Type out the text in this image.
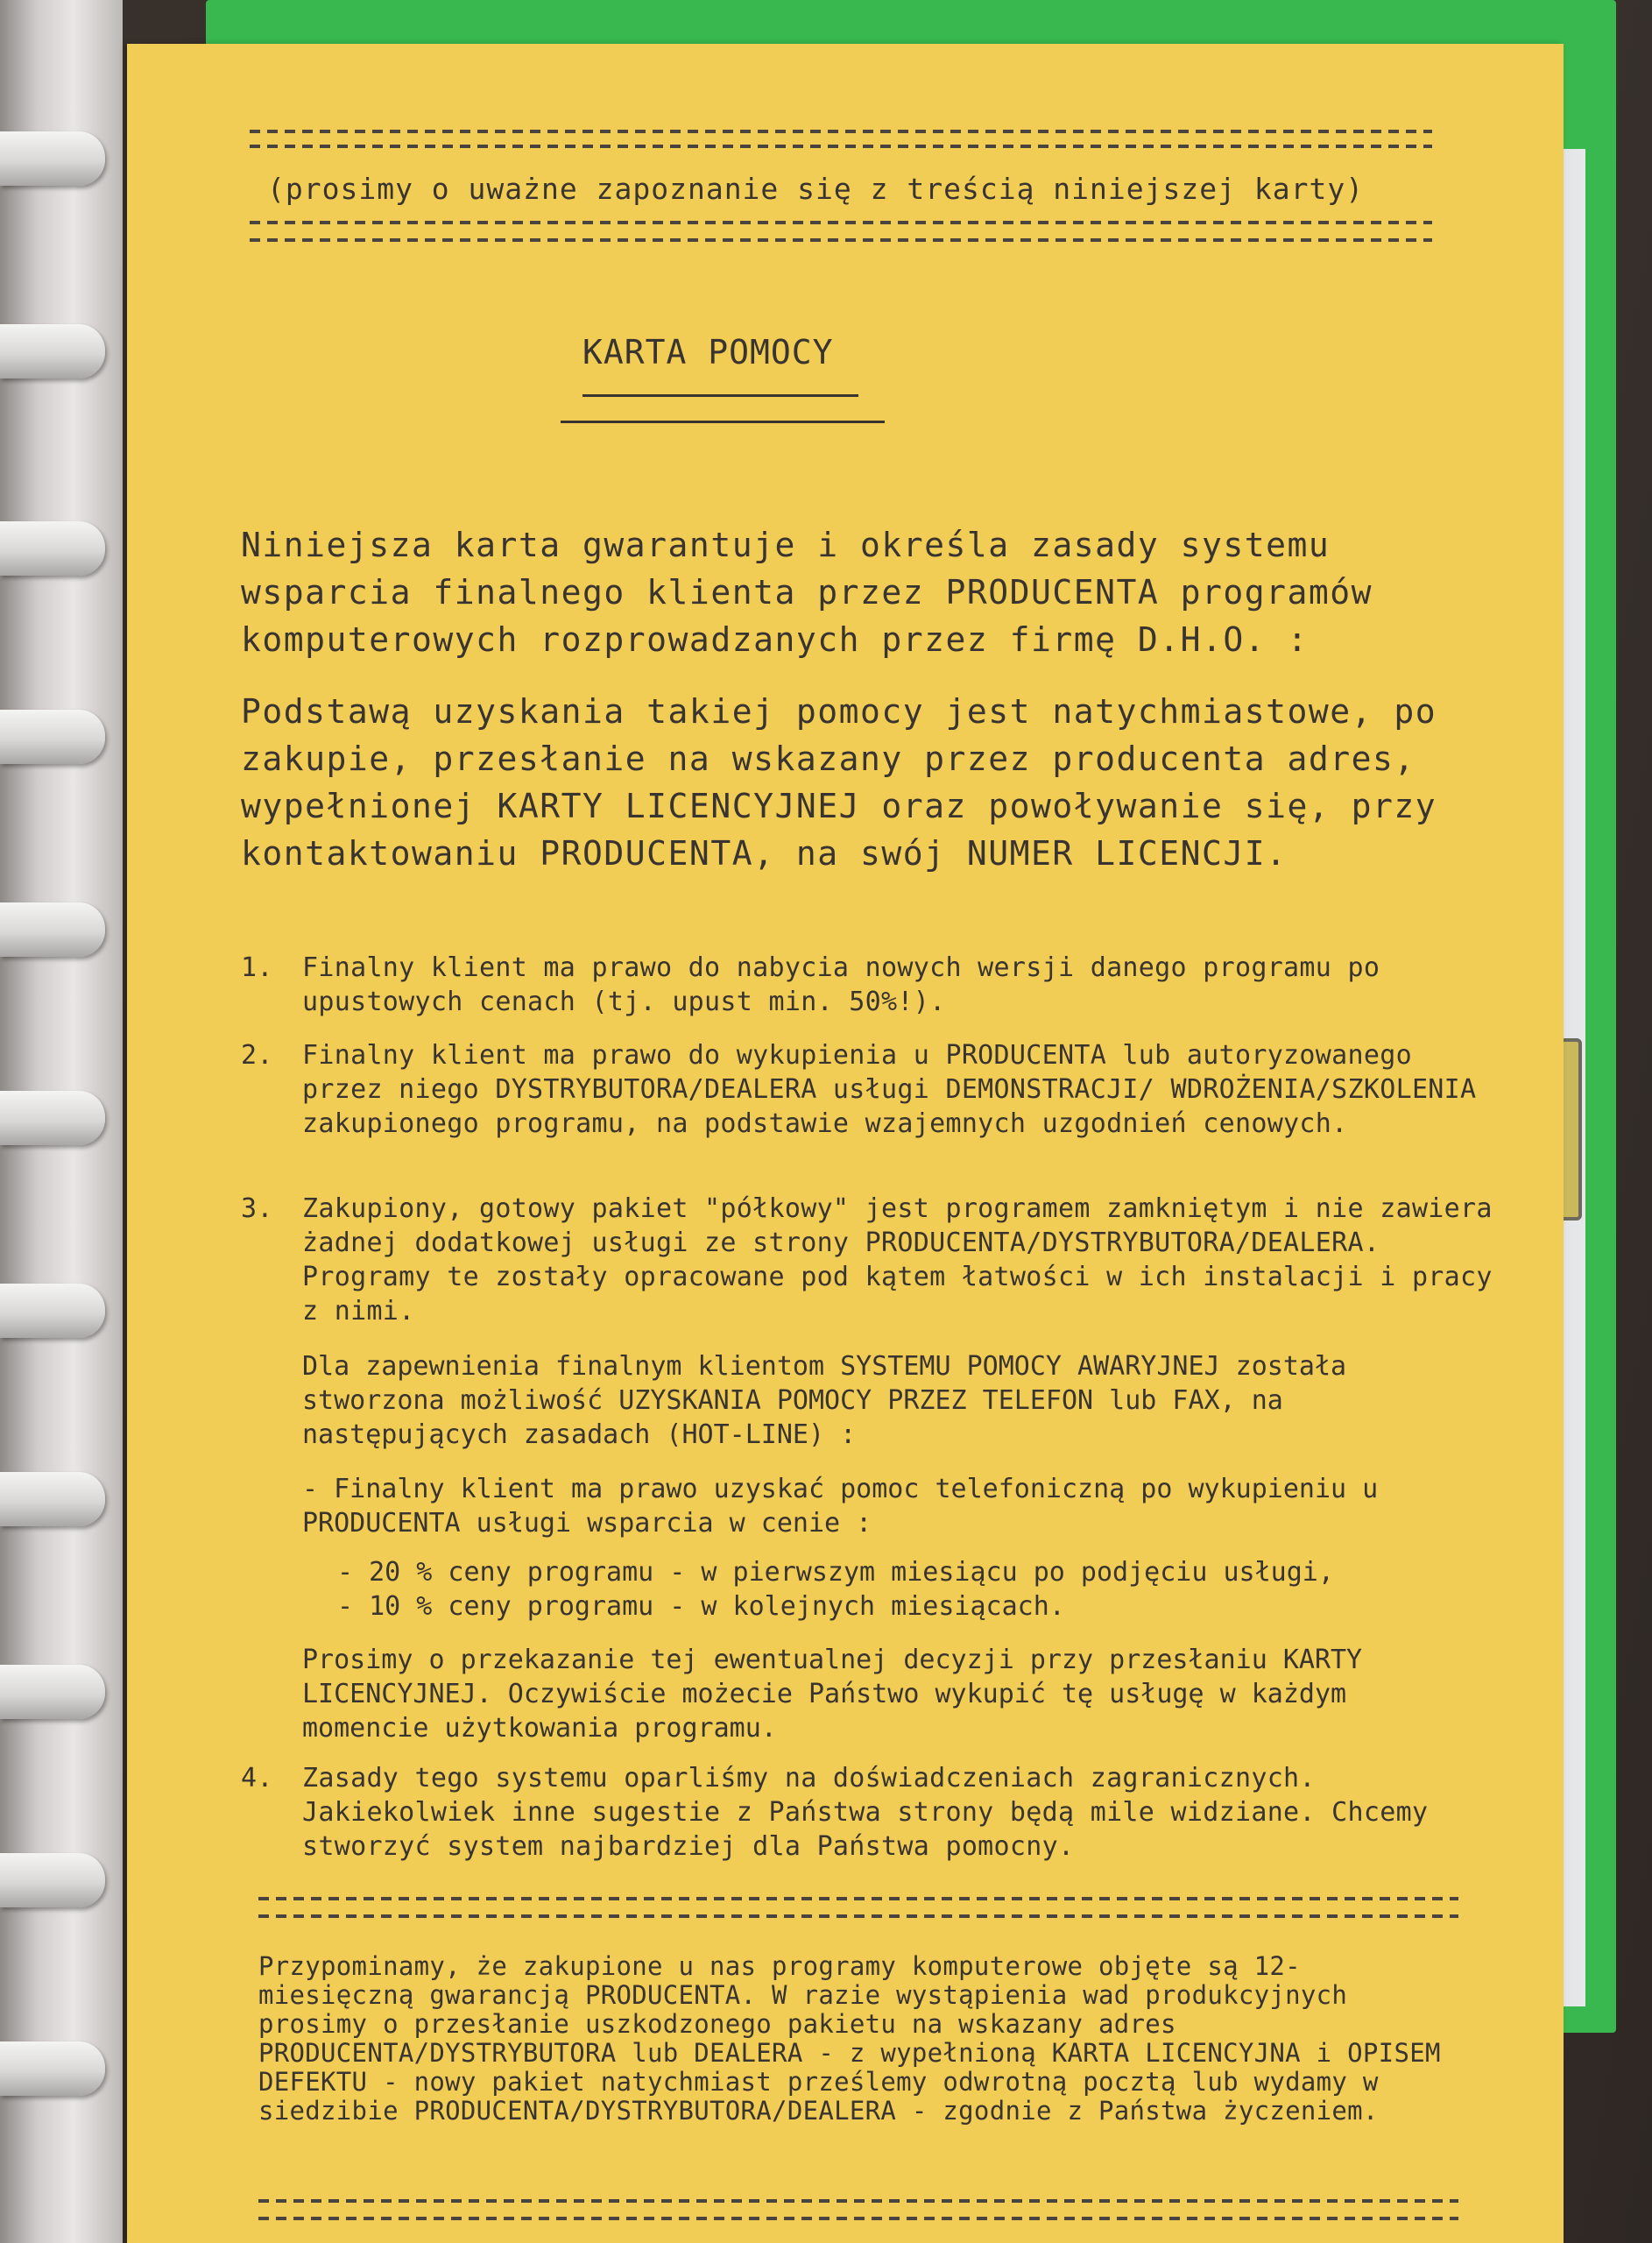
(prosimy o uważne zapoznanie się z treścią niniejszej karty)
KARTA POMOCY

Niniejsza karta gwarantuje i określa zasady systemu wsparcia finalnego klienta przez PRODUCENTA programów komputerowych rozprowadzanych przez firmę D.H.O. :

Podstawą uzyskania takiej pomocy jest natychmiastowe, po zakupie, przesłanie na wskazany przez producenta adres, wypełnionej KARTY LICENCYJNEJ oraz powoływanie się, przy kontaktowaniu PRODUCENTA, na swój NUMER LICENCJI.

1. Finalny klient ma prawo do nabycia nowych wersji danego programu po upustowych cenach (tj. upust min. 50%!).
2. Finalny klient ma prawo do wykupienia u PRODUCENTA lub autoryzowanego przez niego DYSTRYBUTORA/DEALERA usługi DEMONSTRACJI/ WDROŻENIA/SZKOLENIA zakupionego programu, na podstawie wzajemnych uzgodnień cenowych.
3. Zakupiony, gotowy pakiet "półkowy" jest programem zamkniętym i nie zawiera żadnej dodatkowej usługi ze strony PRODUCENTA/DYSTRYBUTORA/DEALERA. Programy te zostały opracowane pod kątem łatwości w ich instalacji i pracy z nimi.
Dla zapewnienia finalnym klientom SYSTEMU POMOCY AWARYJNEJ została stworzona możliwość UZYSKANIA POMOCY PRZEZ TELEFON lub FAX, na następujących zasadach (HOT-LINE) :
- Finalny klient ma prawo uzyskać pomoc telefoniczną po wykupieniu u PRODUCENTA usługi wsparcia w cenie :
- 20 % ceny programu - w pierwszym miesiącu po podjęciu usługi,
- 10 % ceny programu - w kolejnych miesiącach.
Prosimy o przekazanie tej ewentualnej decyzji przy przesłaniu KARTY LICENCYJNEJ. Oczywiście możecie Państwo wykupić tę usługę w każdym momencie użytkowania programu.
4. Zasady tego systemu oparliśmy na doświadczeniach zagranicznych. Jakiekolwiek inne sugestie z Państwa strony będą mile widziane. Chcemy stworzyć system najbardziej dla Państwa pomocny.
Przypominamy, że zakupione u nas programy komputerowe objęte są 12-miesięczną gwarancją PRODUCENTA. W razie wystąpienia wad produkcyjnych prosimy o przesłanie uszkodzonego pakietu na wskazany adres PRODUCENTA/DYSTRYBUTORA lub DEALERA - z wypełnioną KARTA LICENCYJNA i OPISEM DEFEKTU - nowy pakiet natychmiast prześlemy odwrotną pocztą lub wydamy w siedzibie PRODUCENTA/DYSTRYBUTORA/DEALERA - zgodnie z Państwa życzeniem.
